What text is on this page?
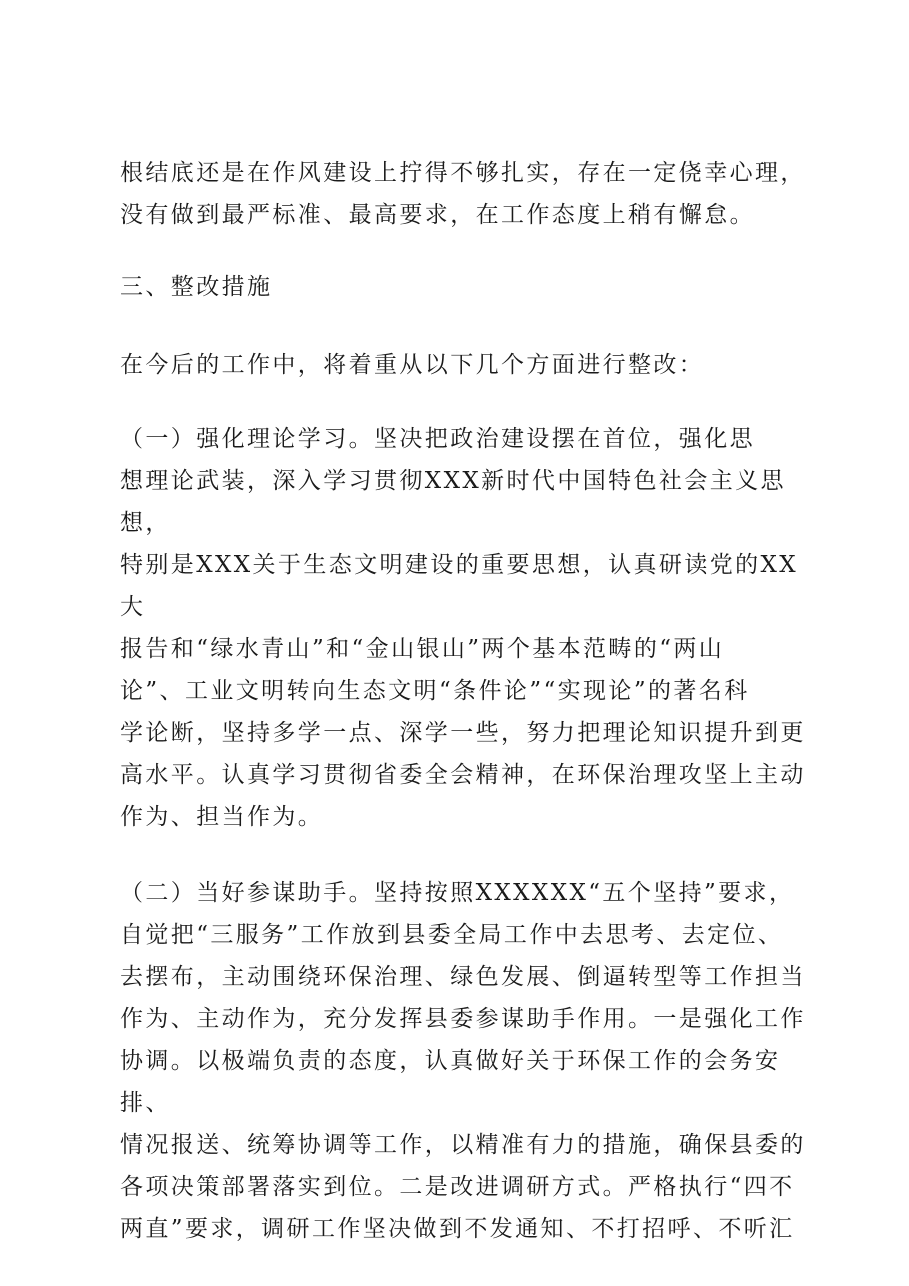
根结底还是在作风建设上拧得不够扎实，存在一定侥幸心理，
没有做到最严标准、最高要求，在工作态度上稍有懈怠。

三、整改措施

在今后的工作中，将着重从以下几个方面进行整改：

（一）强化理论学习。坚决把政治建设摆在首位，强化思
想理论武装，深入学习贯彻XXX新时代中国特色社会主义思想，
特别是XXX关于生态文明建设的重要思想，认真研读党的XX大
报告和“绿水青山”和“金山银山”两个基本范畴的“两山
论”、工业文明转向生态文明“条件论”“实现论”的著名科
学论断，坚持多学一点、深学一些，努力把理论知识提升到更
高水平。认真学习贯彻省委全会精神，在环保治理攻坚上主动
作为、担当作为。

（二）当好参谋助手。坚持按照XXXXXX“五个坚持”要求，
自觉把“三服务”工作放到县委全局工作中去思考、去定位、
去摆布，主动围绕环保治理、绿色发展、倒逼转型等工作担当
作为、主动作为，充分发挥县委参谋助手作用。一是强化工作
协调。以极端负责的态度，认真做好关于环保工作的会务安排、
情况报送、统筹协调等工作，以精准有力的措施，确保县委的
各项决策部署落实到位。二是改进调研方式。严格执行“四不
两直”要求，调研工作坚决做到不发通知、不打招呼、不听汇
